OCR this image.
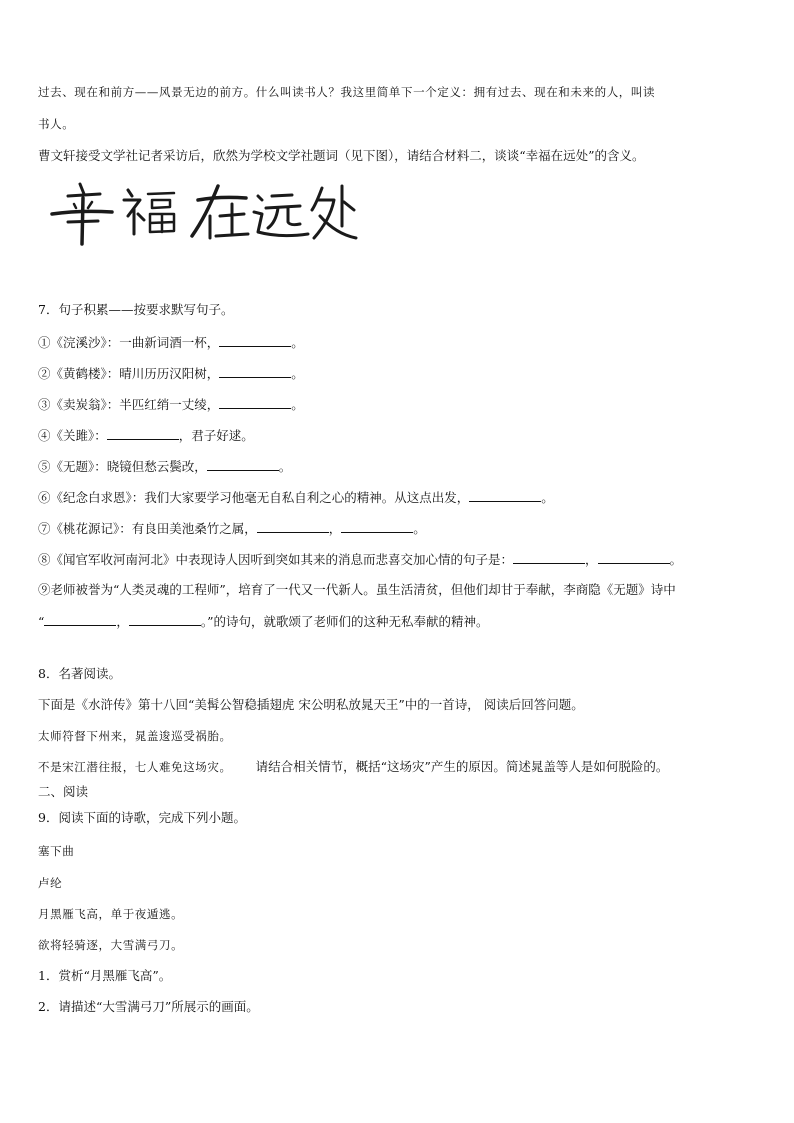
过去、现在和前方——风景无边的前方。什么叫读书人？我这里简单下一个定义：拥有过去、现在和未来的人，叫读
书人。
曹文轩接受文学社记者采访后，欣然为学校文学社题词（见下图），请结合材料二，谈谈“幸福在远处”的含义。
7．句子积累——按要求默写句子。
①《浣溪沙》：一曲新词酒一杯，	。
②《黄鹤楼》：晴川历历汉阳树，	。
③《卖炭翁》：半匹红绡一丈绫，	。
④《关雎》：	，君子好逑。
⑤《无题》：晓镜但愁云鬓改，	。
⑥《纪念白求恩》：我们大家要学习他毫无自私自利之心的精神。从这点出发，	。
⑦《桃花源记》：有良田美池桑竹之属，	，	。
⑧《闻官军收河南河北》中表现诗人因听到突如其来的消息而悲喜交加心情的句子是：	，	。
⑨老师被誉为“人类灵魂的工程师”，培育了一代又一代新人。虽生活清贫，但他们却甘于奉献，李商隐《无题》诗中
“	，	。”的诗句，就歌颂了老师们的这种无私奉献的精神。
8．名著阅读。
下面是《水浒传》第十八回“美髯公智稳插翅虎 宋公明私放晁天王”中的一首诗， 阅读后回答问题。
太师符督下州来，晁盖逡巡受祸胎。
不是宋江潜往报，七人难免这场灾。 请结合相关情节，概括“这场灾”产生的原因。简述晁盖等人是如何脱险的。
二、阅读
9．阅读下面的诗歌，完成下列小题。
塞下曲
卢纶
月黑雁飞高，单于夜遁逃。
欲将轻骑逐，大雪满弓刀。
1．赏析“月黑雁飞高”。
2．请描述“大雪满弓刀”所展示的画面。
